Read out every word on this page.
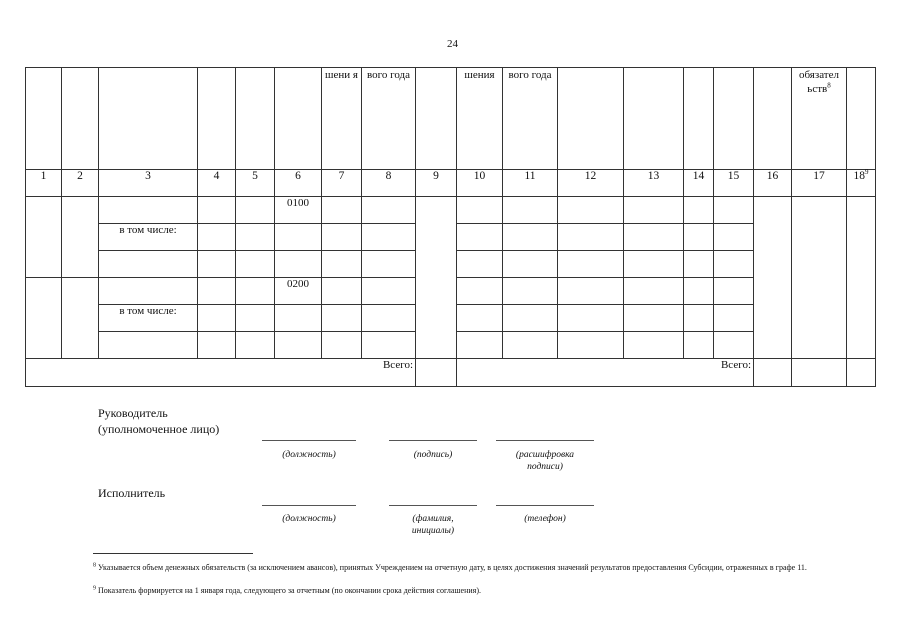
24
						шени я	вого года		шения	вого года						обязател ьств$^8$	
1	2	3	4	5	6	7	8	9	10	11	12	13	14	15	16	17	$18^9$
					0100												
		в том числе:															

					0200												
		в том числе:															

Всего:									Всего:								
Руководитель
(уполномоченное лицо)
(должность)	(подпись)	(расшифровка подписи)
Исполнитель
(должность)	(фамилия, инициалы)
(телефон)
$^8$ Указывается объем денежных обязательств (за исключением авансов), принятых Учреждением на отчетную дату, в целях достижения значений результатов предоставления Субсидии, отраженных в графе 11.
$^9$ Показатель формируется на 1 января года, следующего за отчетным (по окончании срока действия соглашения).
